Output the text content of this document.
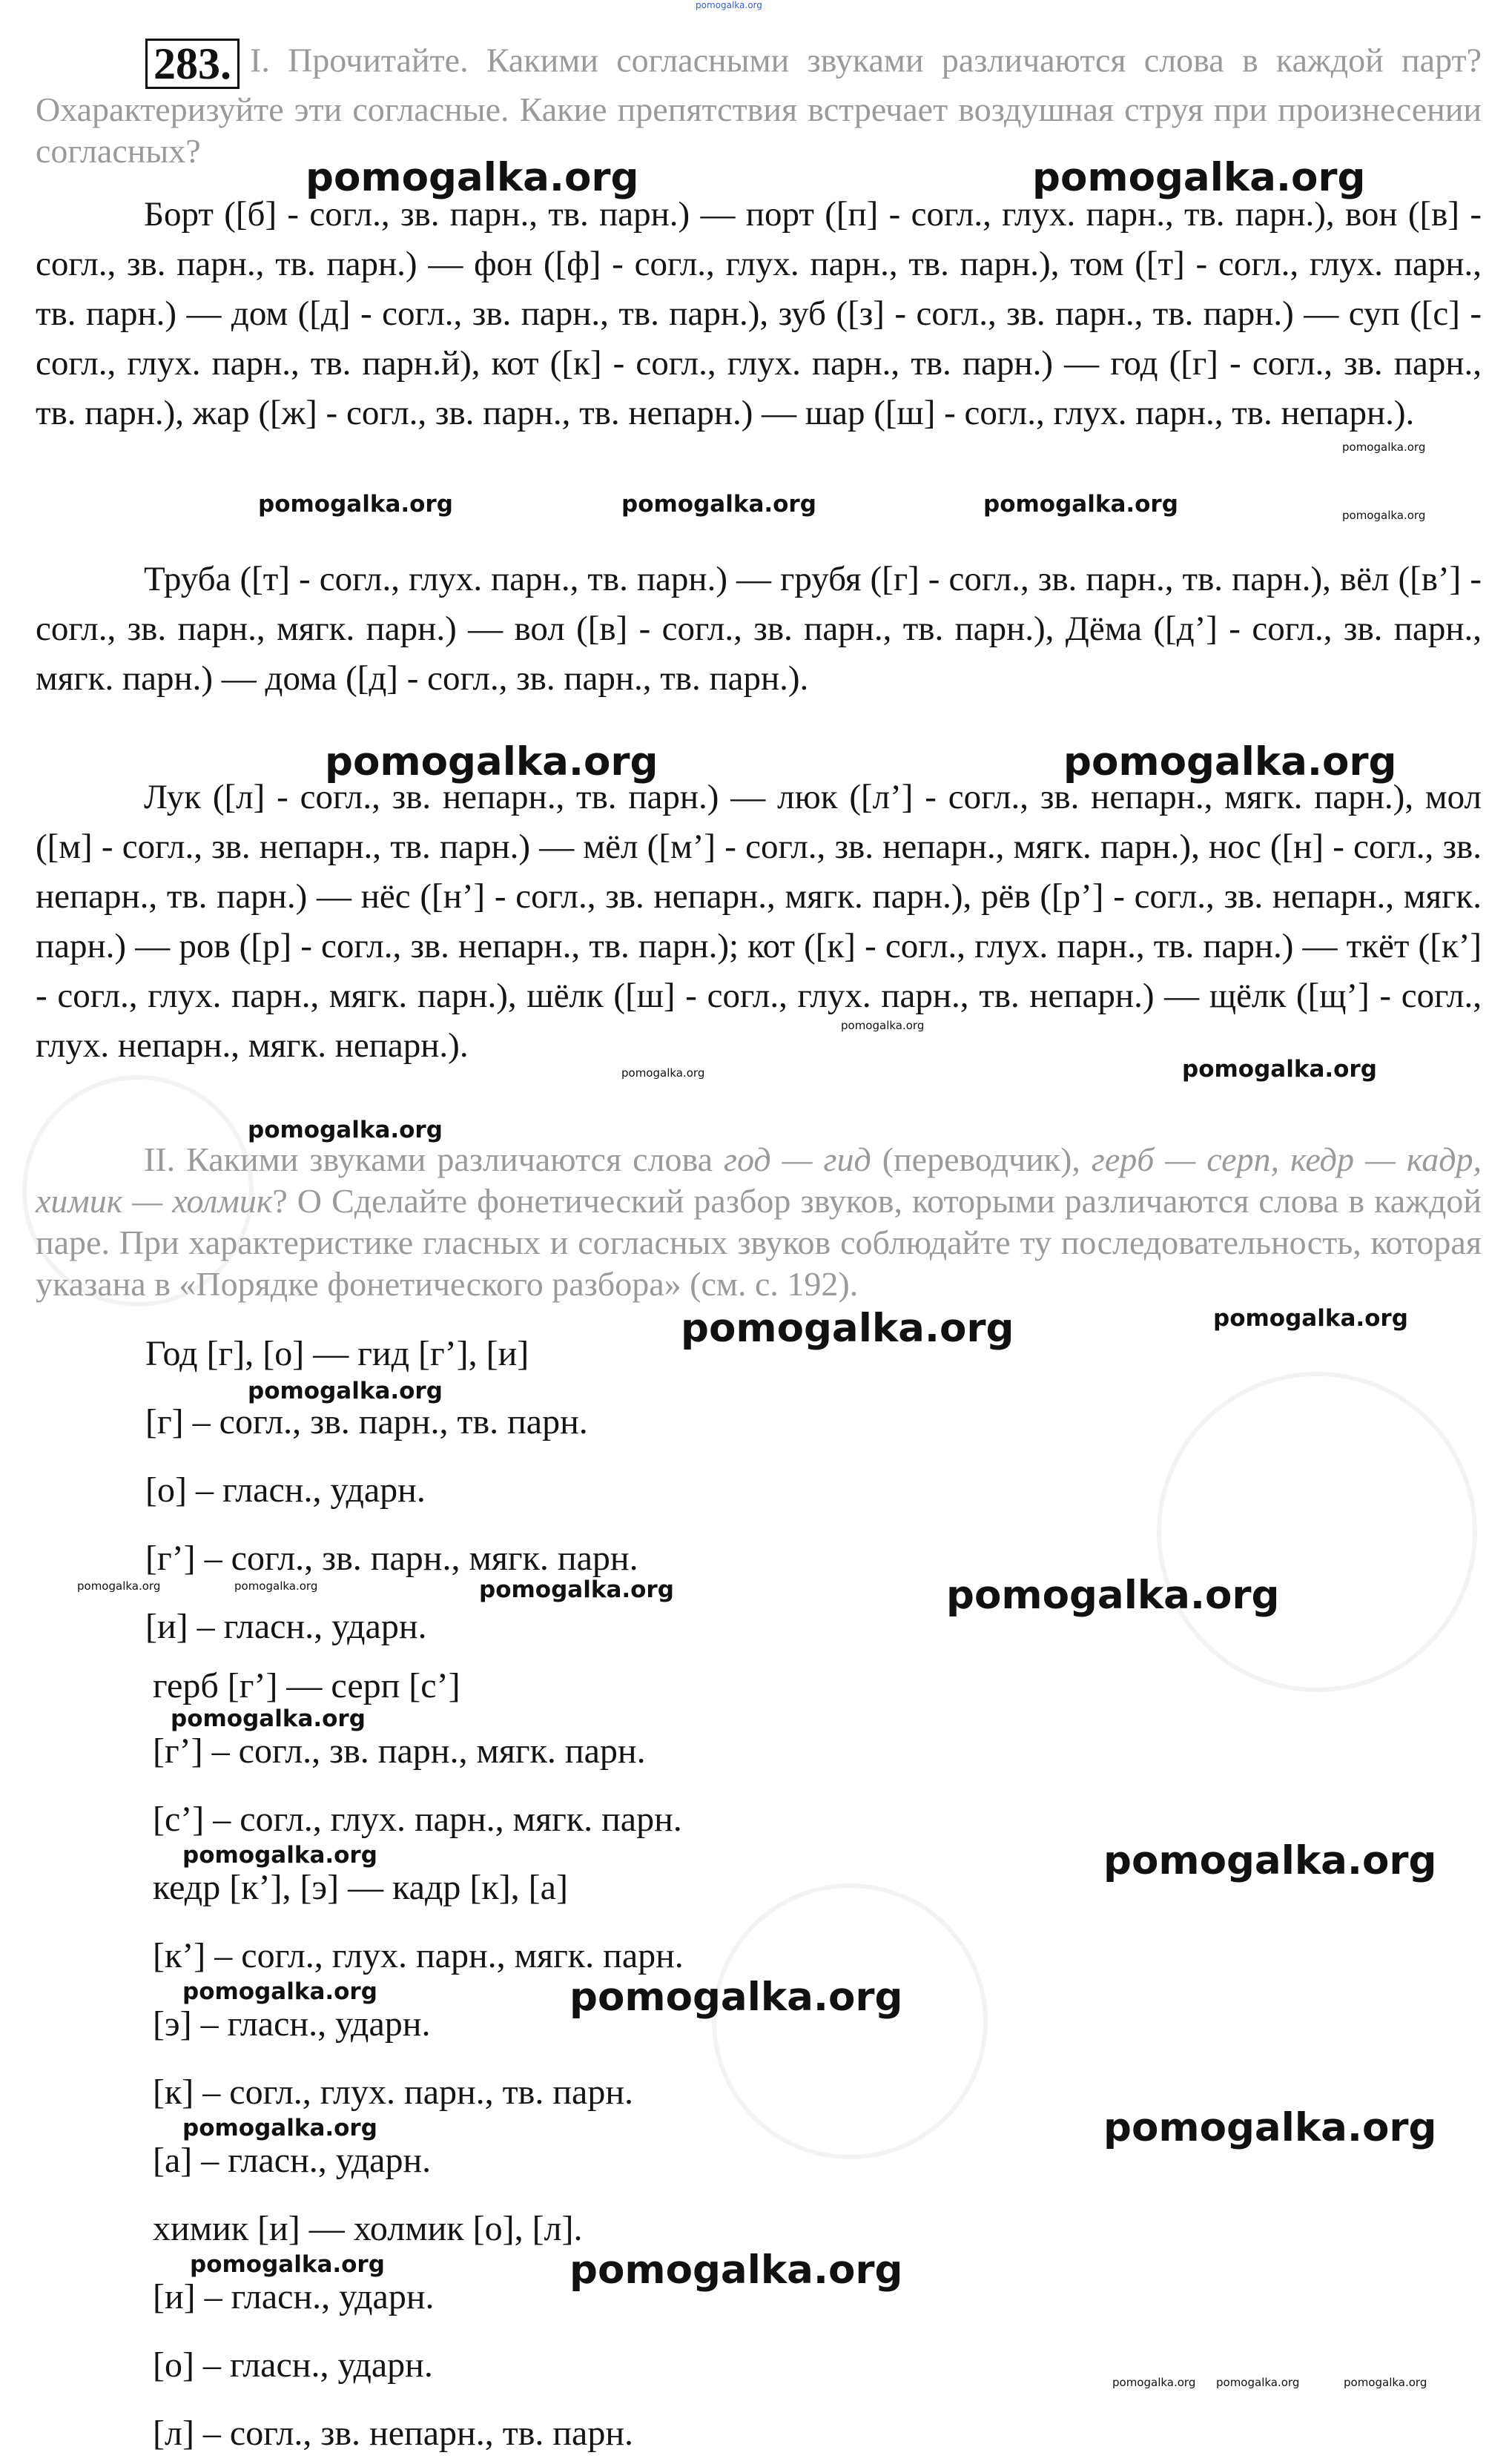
pomogalka.org
283. I. Прочитайте. Какими согласными звуками различаются слова в каждой парт? Охарактеризуйте эти согласные. Какие препятствия встречает воздушная струя при произнесении согласных?

Борт ([б] - согл., зв. парн., тв. парн.) — порт ([п] - согл., глух. парн., тв. парн.), вон ([в] - согл., зв. парн., тв. парн.) — фон ([ф] - согл., глух. парн., тв. парн.), том ([т] - согл., глух. парн., тв. парн.) — дом ([д] - согл., зв. парн., тв. парн.), зуб ([з] - согл., зв. парн., тв. парн.) — суп ([с] - согл., глух. парн., тв. парн.й), кот ([к] - согл., глух. парн., тв. парн.) — год ([г] - согл., зв. парн., тв. парн.), жар ([ж] - согл., зв. парн., тв. непарн.) — шар ([ш] - согл., глух. парн., тв. непарн.).

Труба ([т] - согл., глух. парн., тв. парн.) — грубя ([г] - согл., зв. парн., тв. парн.), вёл ([в’] - согл., зв. парн., мягк. парн.) — вол ([в] - согл., зв. парн., тв. парн.), Дёма ([д’] - согл., зв. парн., мягк. парн.) — дома ([д] - согл., зв. парн., тв. парн.).

Лук ([л] - согл., зв. непарн., тв. парн.) — люк ([л’] - согл., зв. непарн., мягк. парн.), мол ([м] - согл., зв. непарн., тв. парн.) — мёл ([м’] - согл., зв. непарн., мягк. парн.), нос ([н] - согл., зв. непарн., тв. парн.) — нёс ([н’] - согл., зв. непарн., мягк. парн.), рёв ([р’] - согл., зв. непарн., мягк. парн.) — ров ([р] - согл., зв. непарн., тв. парн.); кот ([к] - согл., глух. парн., тв. парн.) — ткёт ([к’] - согл., глух. парн., мягк. парн.), шёлк ([ш] - согл., глух. парн., тв. непарн.) — щёлк ([щ’] - согл., глух. непарн., мягк. непарн.).

II. Какими звуками различаются слова год — гид (переводчик), герб — серп, кедр — кадр, химик — холмик? О Сделайте фонетический разбор звуков, которыми различаются слова в каждой паре. При характеристике гласных и согласных звуков соблюдайте ту последовательность, которая указана в «Порядке фонетического разбора» (см. с. 192).
Год [г], [о] — гид [г’], [и]
[г] – согл., зв. парн., тв. парн.
[о] – гласн., ударн.
[г’] – согл., зв. парн., мягк. парн.
[и] – гласн., ударн.
герб [г’] — серп [с’]
[г’] – согл., зв. парн., мягк. парн.
[с’] – согл., глух. парн., мягк. парн.
кедр [к’], [э] — кадр [к], [а]
[к’] – согл., глух. парн., мягк. парн.
[э] – гласн., ударн.
[к] – согл., глух. парн., тв. парн.
[а] – гласн., ударн.
химик [и] — холмик [о], [л].
[и] – гласн., ударн.
[о] – гласн., ударн.
[л] – согл., зв. непарн., тв. парн.
pomogalka.org	pomogalka.org
pomogalka.org
pomogalka.org	pomogalka.org	pomogalka.org	pomogalka.org
pomogalka.org	pomogalka.org
pomogalka.org
pomogalka.org
pomogalka.org
pomogalka.org
pomogalka.org
pomogalka.org
pomogalka.org
pomogalka.org	pomogalka.org	pomogalka.org	pomogalka.org
pomogalka.org
pomogalka.org	pomogalka.org
pomogalka.org	pomogalka.org
pomogalka.org	pomogalka.org
pomogalka.org	pomogalka.org
pomogalka.org pomogalka.org	pomogalka.org
